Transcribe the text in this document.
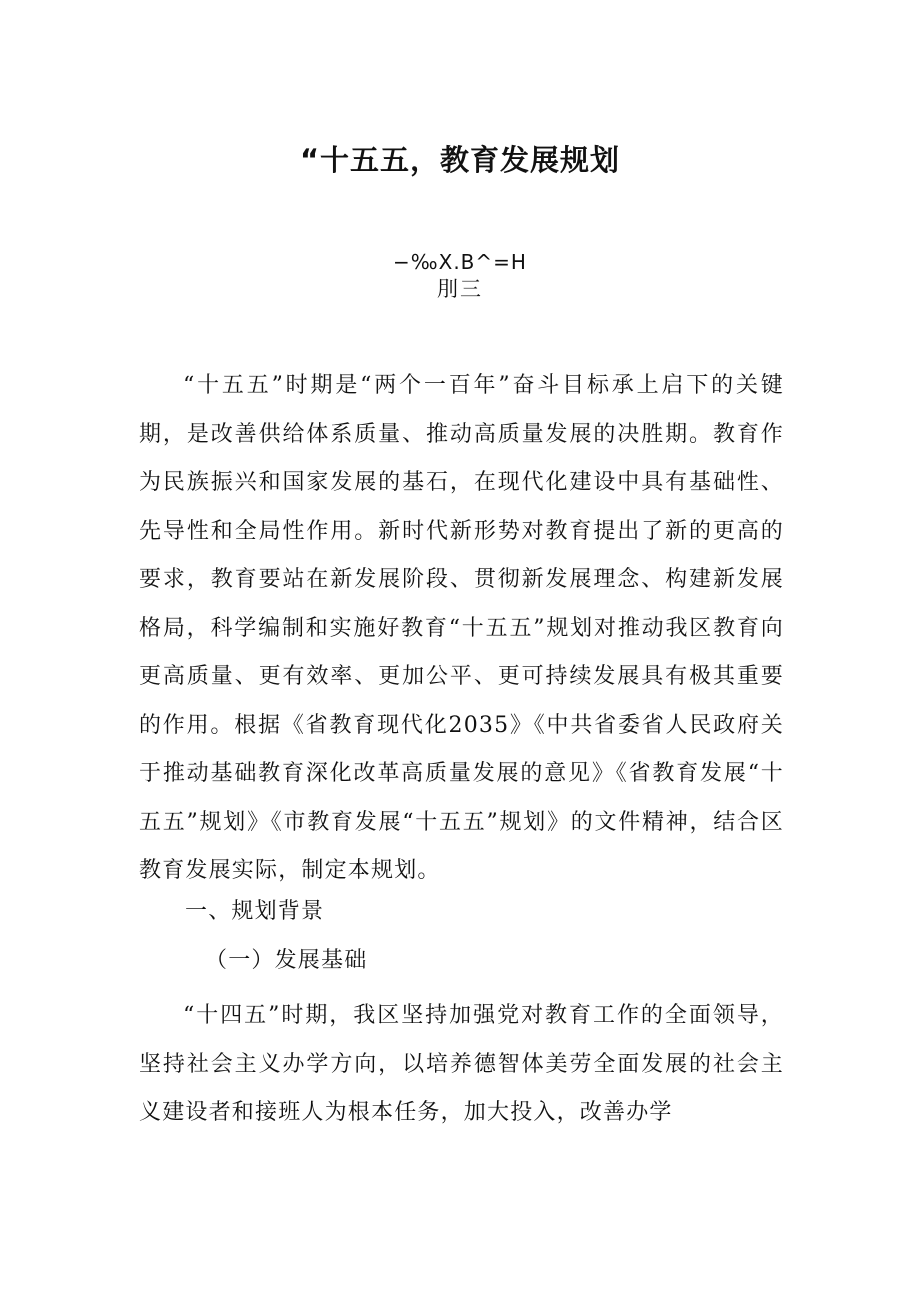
“十五五，教育发展规划
−‰X.B^=H
刖三

“十五五”时期是“两个一百年”奋斗目标承上启下的关键期，是改善供给体系质量、推动高质量发展的决胜期。教育作为民族振兴和国家发展的基石，在现代化建设中具有基础性、先导性和全局性作用。新时代新形势对教育提出了新的更高的要求，教育要站在新发展阶段、贯彻新发展理念、构建新发展格局，科学编制和实施好教育“十五五”规划对推动我区教育向更高质量、更有效率、更加公平、更可持续发展具有极其重要的作用。根据《省教育现代化2035》《中共省委省人民政府关于推动基础教育深化改革高质量发展的意见》《省教育发展“十五五”规划》《市教育发展“十五五”规划》的文件精神，结合区教育发展实际，制定本规划。

一、规划背景
（一）发展基础

“十四五”时期，我区坚持加强党对教育工作的全面领导，坚持社会主义办学方向，以培养德智体美劳全面发展的社会主义建设者和接班人为根本任务，加大投入，改善办学
